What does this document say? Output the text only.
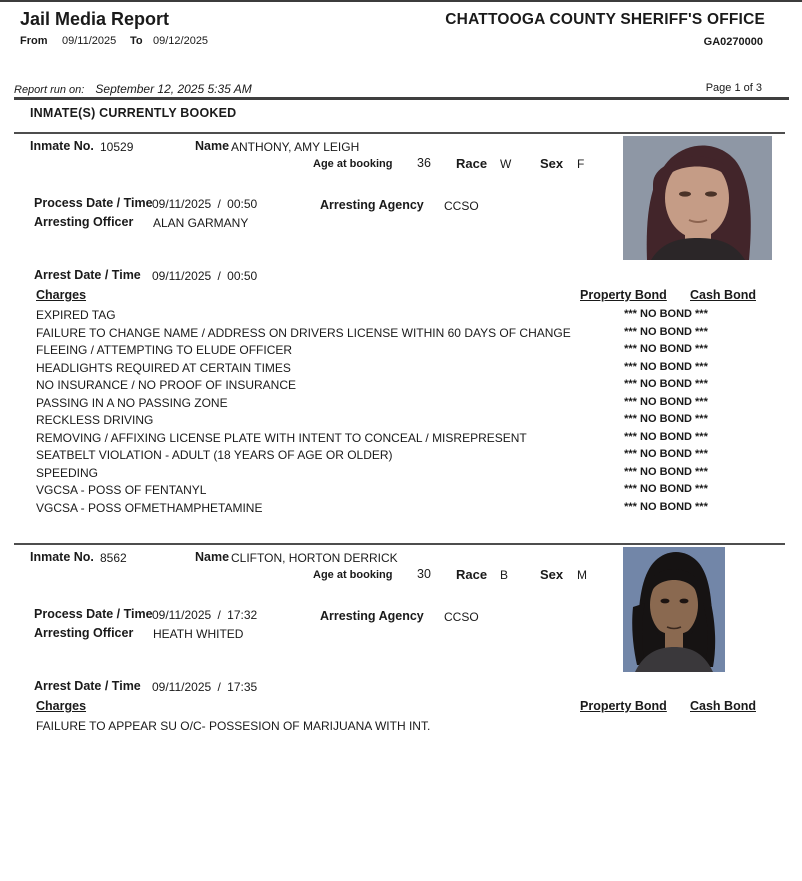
Jail Media Report	CHATTOOGA COUNTY SHERIFF'S OFFICE
GA0270000
From 09/11/2025 To 09/12/2025
Report run on: September 12, 2025 5:35 AM	Page 1 of 3
INMATE(S) CURRENTLY BOOKED
Inmate No. 10529	Name ANTHONY, AMY LEIGH
Age at booking 36 Race W Sex F
Process Date / Time 09/11/2025 / 00:50	Arresting Agency CCSO
Arresting Officer ALAN GARMANY
Arrest Date / Time 09/11/2025 / 00:50
Charges	Property Bond Cash Bond
EXPIRED TAG	*** NO BOND ***
FAILURE TO CHANGE NAME / ADDRESS ON DRIVERS LICENSE WITHIN 60 DAYS OF CHANGE	*** NO BOND ***
FLEEING / ATTEMPTING TO ELUDE OFFICER	*** NO BOND ***
HEADLIGHTS REQUIRED AT CERTAIN TIMES	*** NO BOND ***
NO INSURANCE / NO PROOF OF INSURANCE	*** NO BOND ***
PASSING IN A NO PASSING ZONE	*** NO BOND ***
RECKLESS DRIVING	*** NO BOND ***
REMOVING / AFFIXING LICENSE PLATE WITH INTENT TO CONCEAL / MISREPRESENT	*** NO BOND ***
SEATBELT VIOLATION - ADULT (18 YEARS OF AGE OR OLDER)	*** NO BOND ***
SPEEDING	*** NO BOND ***
VGCSA - POSS OF FENTANYL	*** NO BOND ***
VGCSA - POSS OFMETHAMPHETAMINE	*** NO BOND ***
Inmate No. 8562	Name CLIFTON, HORTON DERRICK
Age at booking 30 Race B Sex M
Process Date / Time 09/11/2025 / 17:32	Arresting Agency CCSO
Arresting Officer HEATH WHITED
Arrest Date / Time 09/11/2025 / 17:35
Charges	Property Bond Cash Bond
FAILURE TO APPEAR SU O/C- POSSESION OF MARIJUANA WITH INT.
